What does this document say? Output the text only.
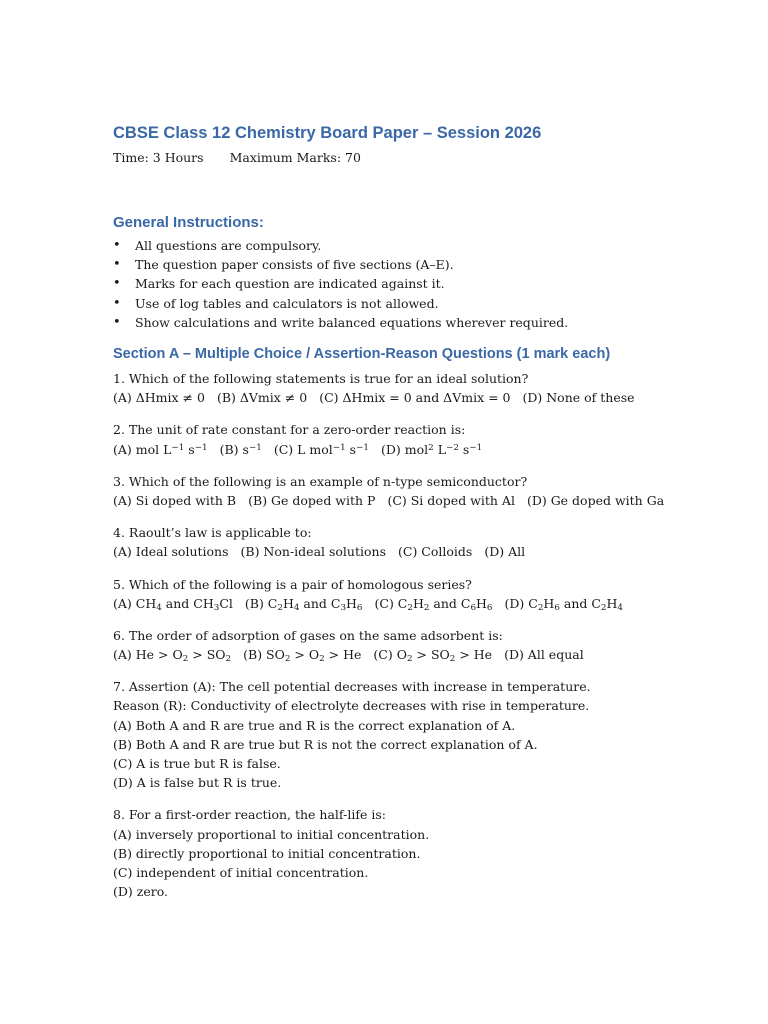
CBSE Class 12 Chemistry Board Paper – Session 2026
Time: 3 Hours Maximum Marks: 70
General Instructions:
• All questions are compulsory.
• The question paper consists of five sections (A–E).
• Marks for each question are indicated against it.
• Use of log tables and calculators is not allowed.
• Show calculations and write balanced equations wherever required.
Section A – Multiple Choice / Assertion-Reason Questions (1 mark each)
1. Which of the following statements is true for an ideal solution?
(A) ΔHmix ≠ 0 (B) ΔVmix ≠ 0 (C) ΔHmix = 0 and ΔVmix = 0 (D) None of these
2. The unit of rate constant for a zero-order reaction is:
(A) mol $L^{-1}$ $s^{-1}$ (B) $s^{-1}$ (C) L mol$^{-1}$ $s^{-1}$ (D) mol$^2$ $L^{-2}$ $s^{-1}$
3. Which of the following is an example of n-type semiconductor?
(A) Si doped with B (B) Ge doped with P (C) Si doped with Al (D) Ge doped with Ga
4. Raoult’s law is applicable to:
(A) Ideal solutions (B) Non-ideal solutions (C) Colloids (D) All
5. Which of the following is a pair of homologous series?
(A) $CH_4$ and $CH_3Cl$ (B) $C_2H_4$ and $C_3H_6$ (C) $C_2H_2$ and $C_6H_6$ (D) $C_2H_6$ and $C_2H_4$
6. The order of adsorption of gases on the same adsorbent is:
(A) $He > O_2 > SO_2$ (B) $SO_2 > O_2 > He$ (C) $O_2 > SO_2 > He$ (D) All equal
7. Assertion (A): The cell potential decreases with increase in temperature.
Reason (R): Conductivity of electrolyte decreases with rise in temperature.
(A) Both A and R are true and R is the correct explanation of A.
(B) Both A and R are true but R is not the correct explanation of A.
(C) A is true but R is false.
(D) A is false but R is true.
8. For a first-order reaction, the half-life is:
(A) inversely proportional to initial concentration.
(B) directly proportional to initial concentration.
(C) independent of initial concentration.
(D) zero.
